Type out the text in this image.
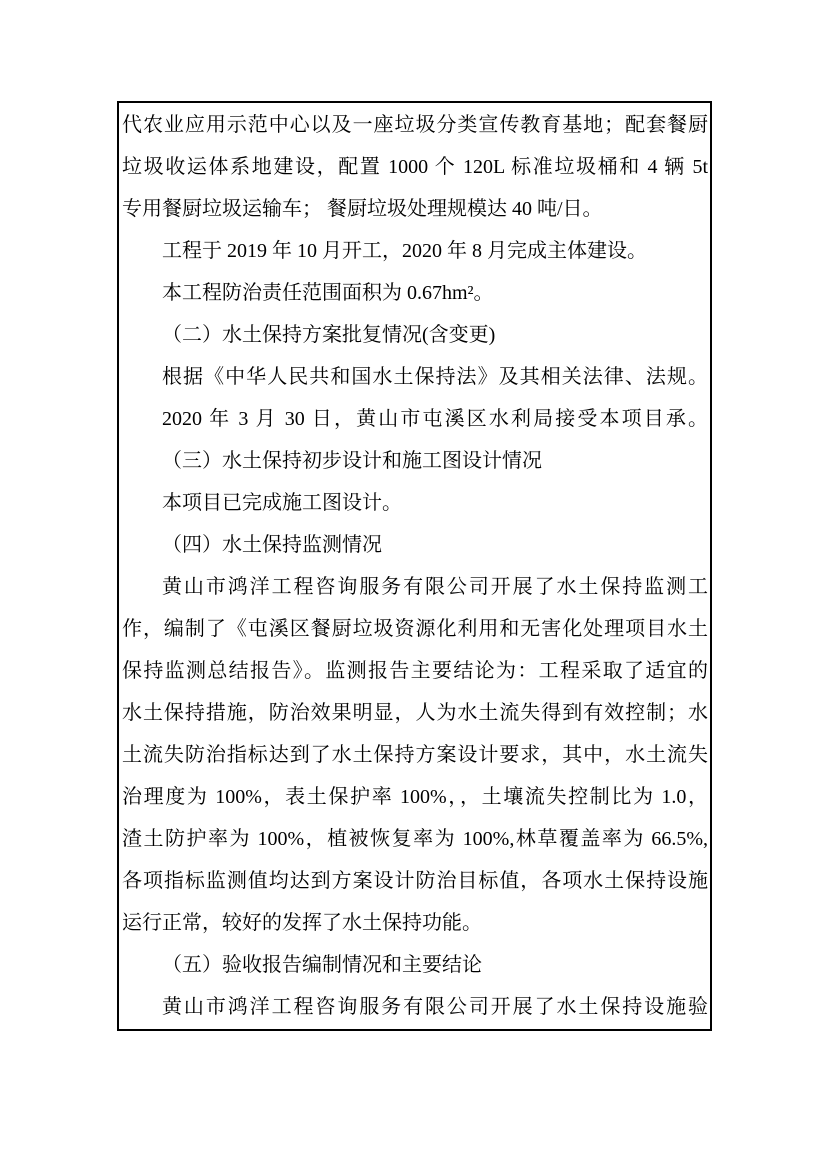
代农业应用示范中心以及一座垃圾分类宣传教育基地；配套餐厨
垃圾收运体系地建设，配置 1000 个 120L 标准垃圾桶和 4 辆 5t
专用餐厨垃圾运输车； 餐厨垃圾处理规模达 40 吨/日。
工程于 2019 年 10 月开工，2020 年 8 月完成主体建设。
本工程防治责任范围面积为 0.67hm²。
（二）水土保持方案批复情况(含变更)
根据《中华人民共和国水土保持法》及其相关法律、法规。
2020 年 3 月 30 日，黄山市屯溪区水利局接受本项目承。
（三）水土保持初步设计和施工图设计情况
本项目已完成施工图设计。
（四）水土保持监测情况
黄山市鸿洋工程咨询服务有限公司开展了水土保持监测工
作，编制了《屯溪区餐厨垃圾资源化利用和无害化处理项目水土
保持监测总结报告》。监测报告主要结论为：工程采取了适宜的
水土保持措施，防治效果明显，人为水土流失得到有效控制；水
土流失防治指标达到了水土保持方案设计要求，其中，水土流失
治理度为 100%，表土保护率 100%，，土壤流失控制比为 1.0，
渣土防护率为 100%，植被恢复率为 100%,林草覆盖率为 66.5%,
各项指标监测值均达到方案设计防治目标值，各项水土保持设施
运行正常，较好的发挥了水土保持功能。
（五）验收报告编制情况和主要结论
黄山市鸿洋工程咨询服务有限公司开展了水土保持设施验
